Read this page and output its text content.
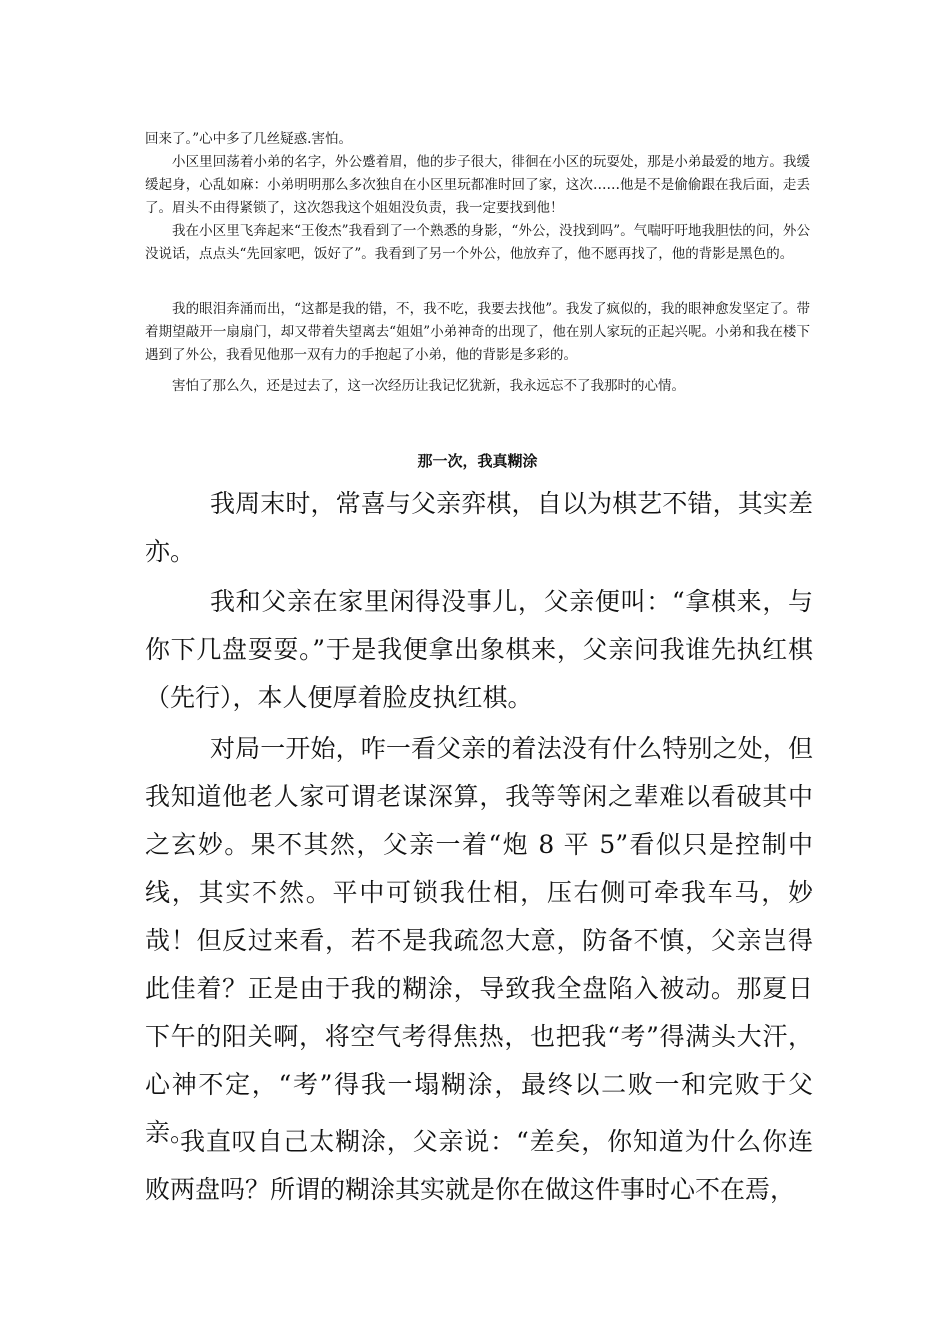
回来了。”心中多了几丝疑惑.害怕。

小区里回荡着小弟的名字，外公蹙着眉，他的步子很大，徘徊在小区的玩耍处，那是小弟最爱的地方。我缓缓起身，心乱如麻：小弟明明那么多次独自在小区里玩都准时回了家，这次……他是不是偷偷跟在我后面，走丢了。眉头不由得紧锁了，这次怨我这个姐姐没负责，我一定要找到他！

我在小区里飞奔起来“王俊杰”我看到了一个熟悉的身影，“外公，没找到吗”。气喘吁吁地我胆怯的问，外公没说话，点点头“先回家吧，饭好了”。我看到了另一个外公，他放弃了，他不愿再找了，他的背影是黑色的。

我的眼泪奔涌而出，“这都是我的错，不，我不吃，我要去找他”。我发了疯似的，我的眼神愈发坚定了。带着期望敲开一扇扇门，却又带着失望离去“姐姐”小弟神奇的出现了，他在别人家玩的正起兴呢。小弟和我在楼下遇到了外公，我看见他那一双有力的手抱起了小弟，他的背影是多彩的。

害怕了那么久，还是过去了，这一次经历让我记忆犹新，我永远忘不了我那时的心情。

那一次，我真糊涂

我周末时，常喜与父亲弈棋，自以为棋艺不错，其实差亦。

我和父亲在家里闲得没事儿，父亲便叫：“拿棋来，与你下几盘耍耍。”于是我便拿出象棋来，父亲问我谁先执红棋（先行），本人便厚着脸皮执红棋。

对局一开始，咋一看父亲的着法没有什么特别之处，但我知道他老人家可谓老谋深算，我等等闲之辈难以看破其中之玄妙。果不其然，父亲一着“炮 8 平 5”看似只是控制中线，其实不然。平中可锁我仕相，压右侧可牵我车马，妙哉！但反过来看，若不是我疏忽大意，防备不慎，父亲岂得此佳着？正是由于我的糊涂，导致我全盘陷入被动。那夏日下午的阳关啊，将空气考得焦热，也把我“考”得满头大汗，心神不定，“考”得我一塌糊涂，最终以二败一和完败于父亲。

我直叹自己太糊涂，父亲说：“差矣，你知道为什么你连败两盘吗？所谓的糊涂其实就是你在做这件事时心不在焉，
